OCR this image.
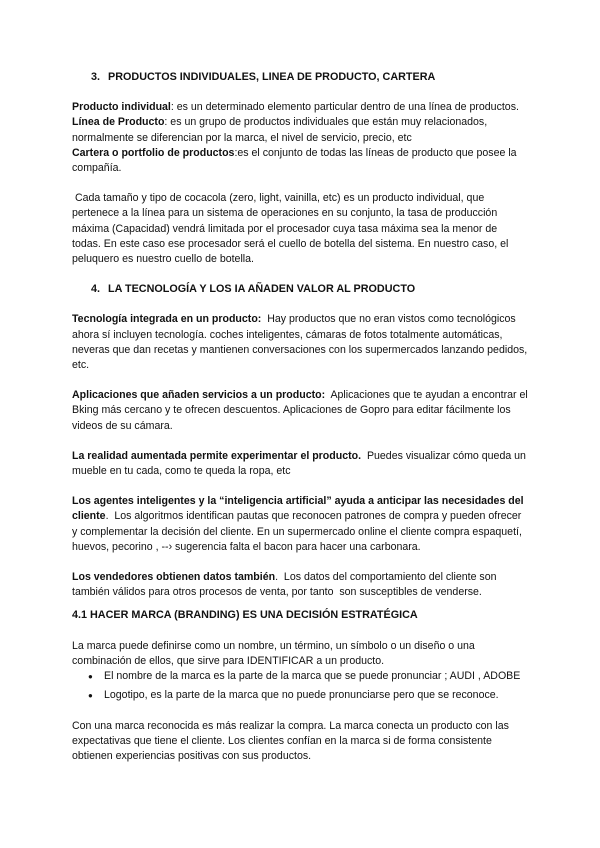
3. PRODUCTOS INDIVIDUALES, LINEA DE PRODUCTO, CARTERA

Producto individual: es un determinado elemento particular dentro de una línea de productos.

Línea de Producto: es un grupo de productos individuales que están muy relacionados, normalmente se diferencian por la marca, el nivel de servicio, precio, etc

Cartera o portfolio de productos:es el conjunto de todas las líneas de producto que posee la compañía.

Cada tamaño y tipo de cocacola (zero, light, vainilla, etc) es un producto individual, que pertenece a la línea para un sistema de operaciones en su conjunto, la tasa de producción máxima (Capacidad) vendrá limitada por el procesador cuya tasa máxima sea la menor de todas. En este caso ese procesador será el cuello de botella del sistema. En nuestro caso, el peluquero es nuestro cuello de botella.

4. LA TECNOLOGÍA Y LOS IA AÑADEN VALOR AL PRODUCTO

Tecnología integrada en un producto:  Hay productos que no eran vistos como tecnológicos ahora sí incluyen tecnología. coches inteligentes, cámaras de fotos totalmente automáticas, neveras que dan recetas y mantienen conversaciones con los supermercados lanzando pedidos, etc.

Aplicaciones que añaden servicios a un producto:  Aplicaciones que te ayudan a encontrar el Bking más cercano y te ofrecen descuentos. Aplicaciones de Gopro para editar fácilmente los videos de su cámara.

La realidad aumentada permite experimentar el producto.  Puedes visualizar cómo queda un mueble en tu cada, como te queda la ropa, etc

Los agentes inteligentes y la “inteligencia artificial” ayuda a anticipar las necesidades del cliente.  Los algoritmos identifican pautas que reconocen patrones de compra y pueden ofrecer y complementar la decisión del cliente. En un supermercado online el cliente compra espaquetí, huevos, pecorino , --› sugerencia falta el bacon para hacer una carbonara.

Los vendedores obtienen datos también.  Los datos del comportamiento del cliente son también válidos para otros procesos de venta, por tanto  son susceptibles de venderse.

4.1 HACER MARCA (BRANDING) ES UNA DECISIÓN ESTRATÉGICA

La marca puede definirse como un nombre, un término, un símbolo o un diseño o una combinación de ellos, que sirve para IDENTIFICAR a un producto.

● El nombre de la marca es la parte de la marca que se puede pronunciar ; AUDI , ADOBE
● Logotipo, es la parte de la marca que no puede pronunciarse pero que se reconoce.

Con una marca reconocida es más realizar la compra. La marca conecta un producto con las expectativas que tiene el cliente. Los clientes confían en la marca si de forma consistente obtienen experiencias positivas con sus productos.
